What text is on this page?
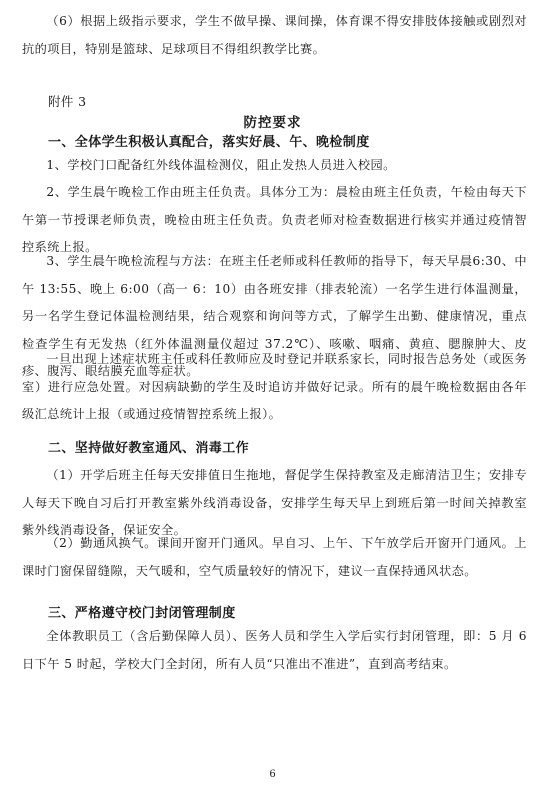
（6）根据上级指示要求，学生不做早操、课间操，体育课不得安排肢体接触或剧烈对抗的项目，特别是篮球、足球项目不得组织教学比赛。

附件 3

防控要求

一、全体学生积极认真配合，落实好晨、午、晚检制度

1、学校门口配备红外线体温检测仪，阻止发热人员进入校园。

2、学生晨午晚检工作由班主任负责。具体分工为：晨检由班主任负责，午检由每天下午第一节授课老师负责，晚检由班主任负责。负责老师对检查数据进行核实并通过疫情智控系统上报。

3、学生晨午晚检流程与方法：在班主任老师或科任教师的指导下，每天早晨6:30、中午 13:55、晚上 6:00（高一 6：10）由各班安排（排表轮流）一名学生进行体温测量，另一名学生登记体温检测结果，结合观察和询问等方式，了解学生出勤、健康情况，重点检查学生有无发热（红外体温测量仪超过 37.2℃）、咳嗽、咽痛、黄疸、腮腺肿大、皮疹、腹泻、眼结膜充血等症状。

一旦出现上述症状班主任或科任教师应及时登记并联系家长，同时报告总务处（或医务室）进行应急处置。对因病缺勤的学生及时追访并做好记录。所有的晨午晚检数据由各年级汇总统计上报（或通过疫情智控系统上报）。

二、坚持做好教室通风、消毒工作

（1）开学后班主任每天安排值日生拖地，督促学生保持教室及走廊清洁卫生；安排专人每天下晚自习后打开教室紫外线消毒设备，安排学生每天早上到班后第一时间关掉教室紫外线消毒设备，保证安全。

（2）勤通风换气。课间开窗开门通风。早自习、上午、下午放学后开窗开门通风。上课时门窗保留缝隙，天气暖和，空气质量较好的情况下，建议一直保持通风状态。

三、严格遵守校门封闭管理制度

全体教职员工（含后勤保障人员）、医务人员和学生入学后实行封闭管理，即：5 月 6 日下午 5 时起，学校大门全封闭，所有人员“只准出不准进”，直到高考结束。

6
